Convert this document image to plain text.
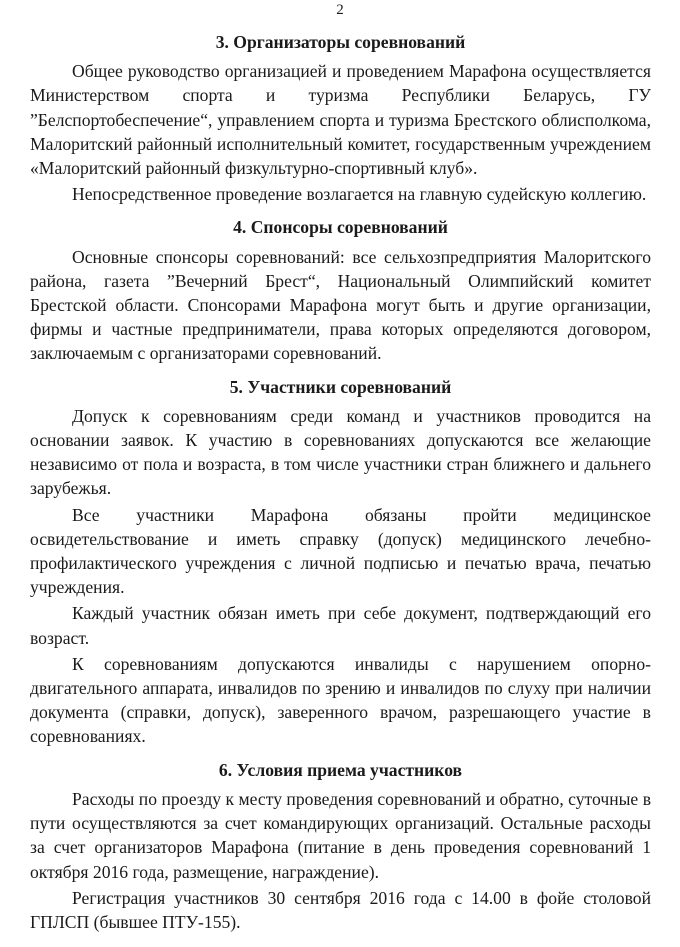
2
3. Организаторы соревнований

Общее руководство организацией и проведением Марафона осуществляется Министерством спорта и туризма Республики Беларусь, ГУ ”Белспортобеспечение“, управлением спорта и туризма Брестского облисполкома, Малоритский районный исполнительный комитет, государственным учреждением «Малоритский районный физкультурно-спортивный клуб».

Непосредственное проведение возлагается на главную судейскую коллегию.

4. Спонсоры соревнований

Основные спонсоры соревнований: все сельхозпредприятия Малоритского района, газета ”Вечерний Брест“, Национальный Олимпийский комитет Брестской области. Спонсорами Марафона могут быть и другие организации, фирмы и частные предприниматели, права которых определяются договором, заключаемым с организаторами соревнований.

5. Участники соревнований

Допуск к соревнованиям среди команд и участников проводится на основании заявок. К участию в соревнованиях допускаются все желающие независимо от пола и возраста, в том числе участники стран ближнего и дальнего зарубежья.

Все участники Марафона обязаны пройти медицинское освидетельствование и иметь справку (допуск) медицинского лечебно-профилактического учреждения с личной подписью и печатью врача, печатью учреждения.

Каждый участник обязан иметь при себе документ, подтверждающий его возраст.

К соревнованиям допускаются инвалиды с нарушением опорно-двигательного аппарата, инвалидов по зрению и инвалидов по слуху при наличии документа (справки, допуск), заверенного врачом, разрешающего участие в соревнованиях.

6. Условия приема участников

Расходы по проезду к месту проведения соревнований и обратно, суточные в пути осуществляются за счет командирующих организаций. Остальные расходы за счет организаторов Марафона (питание в день проведения соревнований 1 октября 2016 года, размещение, награждение).

Регистрация участников 30 сентября 2016 года с 14.00 в фойе столовой ГПЛСП (бывшее ПТУ-155).
